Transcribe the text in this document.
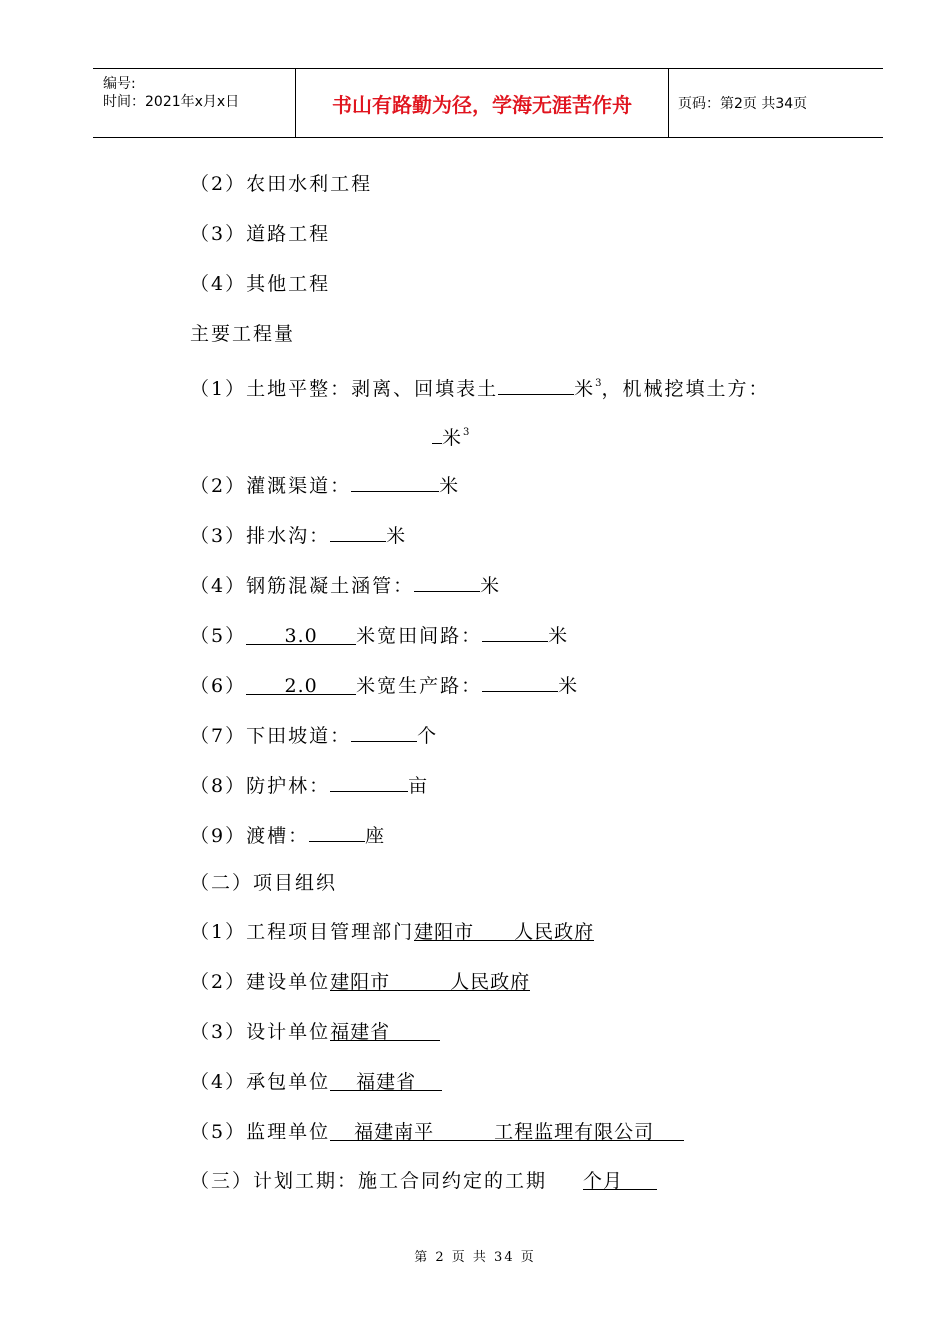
编号:
时间：2021年x月x日	书山有路勤为径，学海无涯苦作舟	页码：第2页 共34页
（2）农田水利工程
（3）道路工程
（4）其他工程
主要工程量
（1）土地平整：剥离、回填表土	米$^3$，机械挖填土方：
米$^3$
（2）灌溉渠道：	米
（3）排水沟：	米
（4）钢筋混凝土涵管：	米
（5） 3.0 米宽田间路：	米
（6） 2.0 米宽生产路：	米
（7）下田坡道：	个
（8）防护林：	亩
（9）渡槽：	座
（二）项目组织
（1）工程项目管理部门建阳市　　人民政府
（2）建设单位建阳市　　　人民政府
（3）设计单位福建省
（4）承包单位 福建省
（5）监理单位 福建南平　　　工程监理有限公司
（三）计划工期：施工合同约定的工期 个月
第 2 页 共 34 页
